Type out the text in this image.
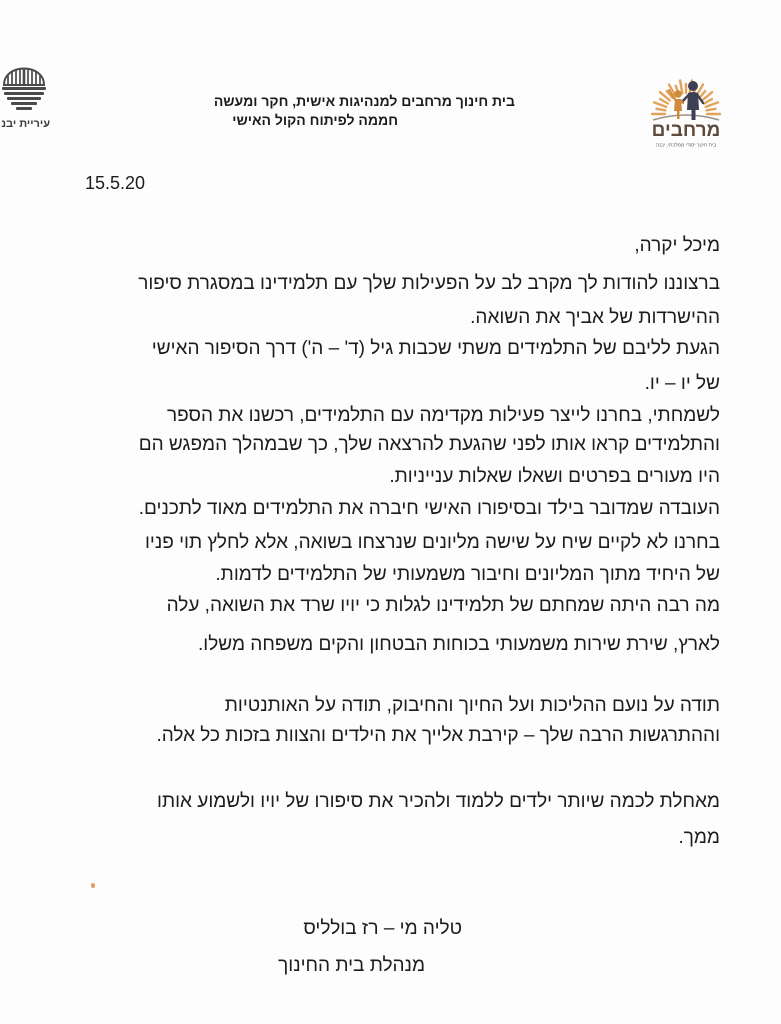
עיריית יבנ
בית חינוך מרחבים למנהיגות אישית, חקר ומעשה
חממה לפיתוח הקול האישי	מרחבים
בית חינוך יסודי ממלכתי, יבנה
15.5.20
מיכל יקרה,
ברצוננו להודות לך מקרב לב על הפעילות שלך עם תלמידינו במסגרת סיפור
ההישרדות של אביך את השואה.
הגעת לליבם של התלמידים משתי שכבות גיל (ד' – ה') דרך הסיפור האישי
של יו – יו.
לשמחתי, בחרנו לייצר פעילות מקדימה עם התלמידים, רכשנו את הספר
והתלמידים קראו אותו לפני שהגעת להרצאה שלך, כך שבמהלך המפגש הם
היו מעורים בפרטים ושאלו שאלות ענייניות.
העובדה שמדובר בילד ובסיפורו האישי חיברה את התלמידים מאוד לתכנים.
בחרנו לא לקיים שיח על שישה מליונים שנרצחו בשואה, אלא לחלץ תוי פניו
של היחיד מתוך המליונים וחיבור משמעותי של התלמידים לדמות.
מה רבה היתה שמחתם של תלמידינו לגלות כי יויו שרד את השואה, עלה
לארץ, שירת שירות משמעותי בכוחות הבטחון והקים משפחה משלו.
תודה על נועם ההליכות ועל החיוך והחיבוק, תודה על האותנטיות
וההתרגשות הרבה שלך – קירבת אלייך את הילדים והצוות בזכות כל אלה.
מאחלת לכמה שיותר ילדים ללמוד ולהכיר את סיפורו של יויו ולשמוע אותו
ממך.
טליה מי – רז בולליס
מנהלת בית החינוך
